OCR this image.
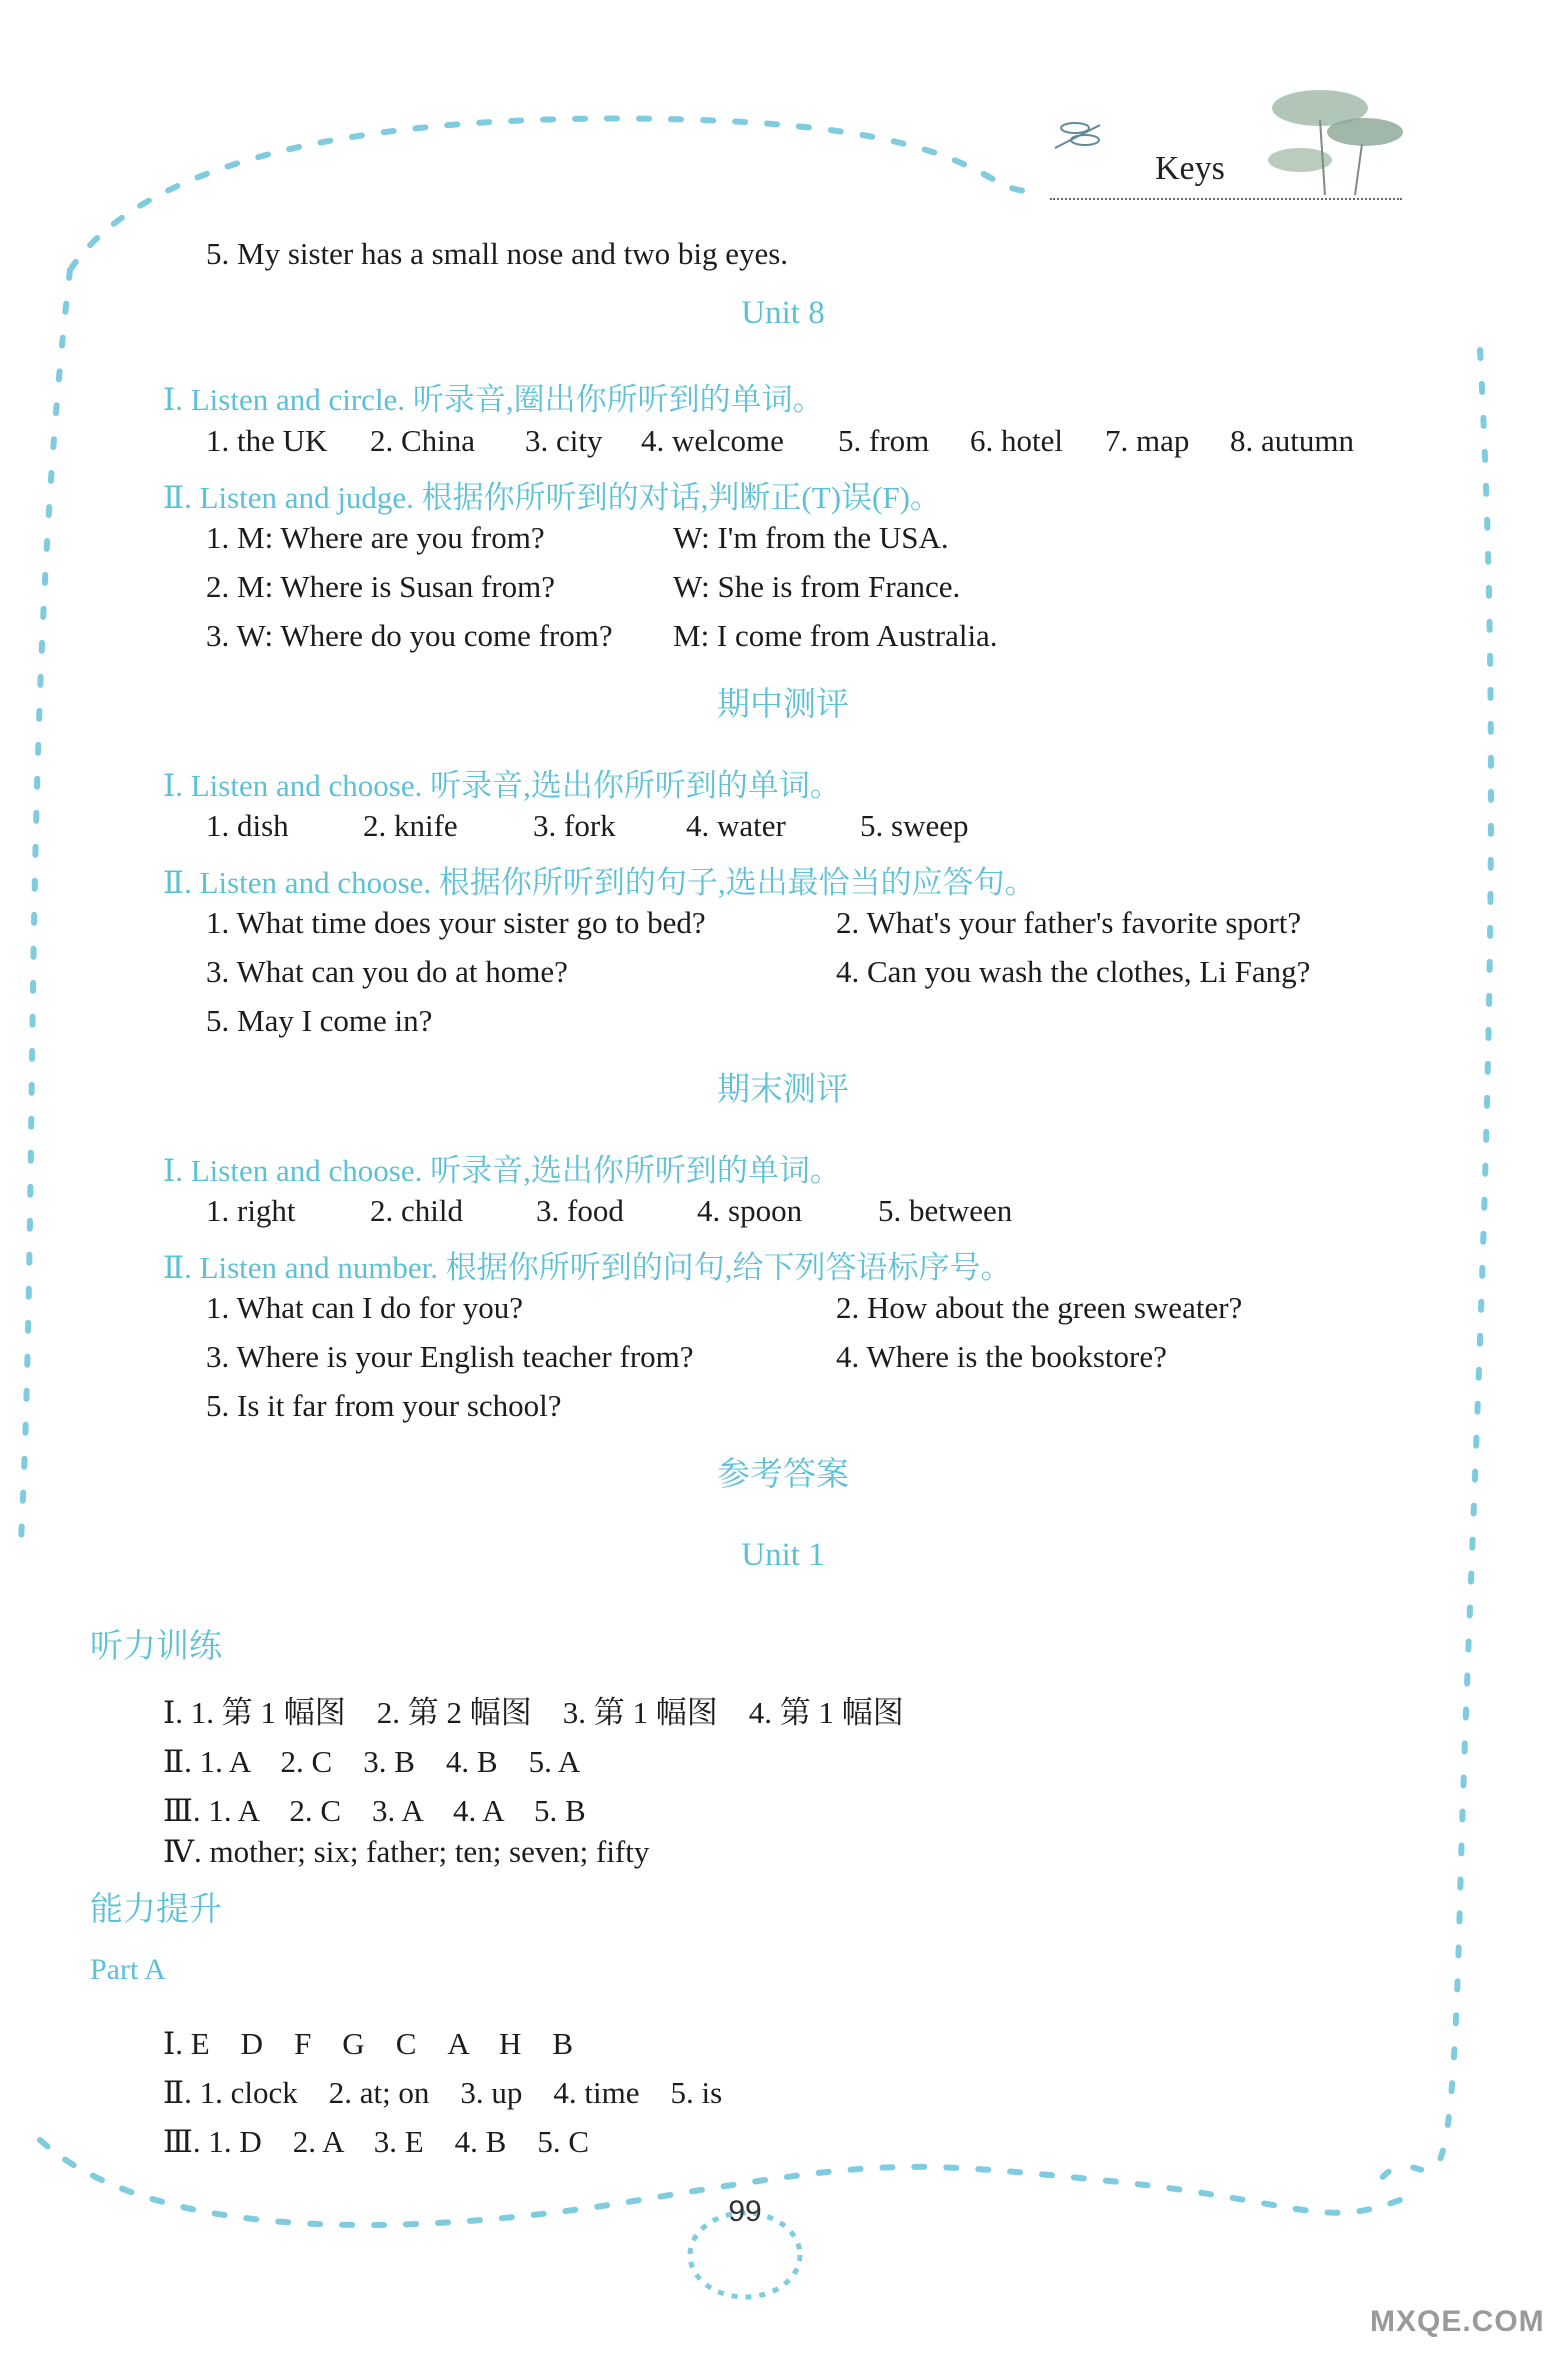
Keys
5. My sister has a small nose and two big eyes.
Unit 8
Ⅰ. Listen and circle. 听录音,圈出你所听到的单词。
1. the UK 2. China 3. city 4. welcome 5. from 6. hotel 7. map 8. autumn
Ⅱ. Listen and judge. 根据你所听到的对话,判断正(T)误(F)。
1. M: Where are you from?	W: I'm from the USA.
2. M: Where is Susan from?	W: She is from France.
3. W: Where do you come from? M: I come from Australia.
期中测评
Ⅰ. Listen and choose. 听录音,选出你所听到的单词。
1. dish 2. knife 3. fork 4. water 5. sweep
Ⅱ. Listen and choose. 根据你所听到的句子,选出最恰当的应答句。
1. What time does your sister go to bed?	2. What's your father's favorite sport?
3. What can you do at home?	4. Can you wash the clothes, Li Fang?
5. May I come in?
期末测评
Ⅰ. Listen and choose. 听录音,选出你所听到的单词。
1. right 2. child 3. food 4. spoon 5. between
Ⅱ. Listen and number. 根据你所听到的问句,给下列答语标序号。
1. What can I do for you?	2. How about the green sweater?
3. Where is your English teacher from?	4. Where is the bookstore?
5. Is it far from your school?
参考答案
Unit 1
听力训练
Ⅰ. 1. 第 1 幅图　2. 第 2 幅图　3. 第 1 幅图　4. 第 1 幅图
Ⅱ. 1. A　2. C　3. B　4. B　5. A
Ⅲ. 1. A　2. C　3. A　4. A　5. B
Ⅳ. mother; six; father; ten; seven; fifty
能力提升
Part A
Ⅰ. E　D　F　G　C　A　H　B
Ⅱ. 1. clock　2. at; on　3. up　4. time　5. is
Ⅲ. 1. D　2. A　3. E　4. B　5. C
99
MXQE.COM
